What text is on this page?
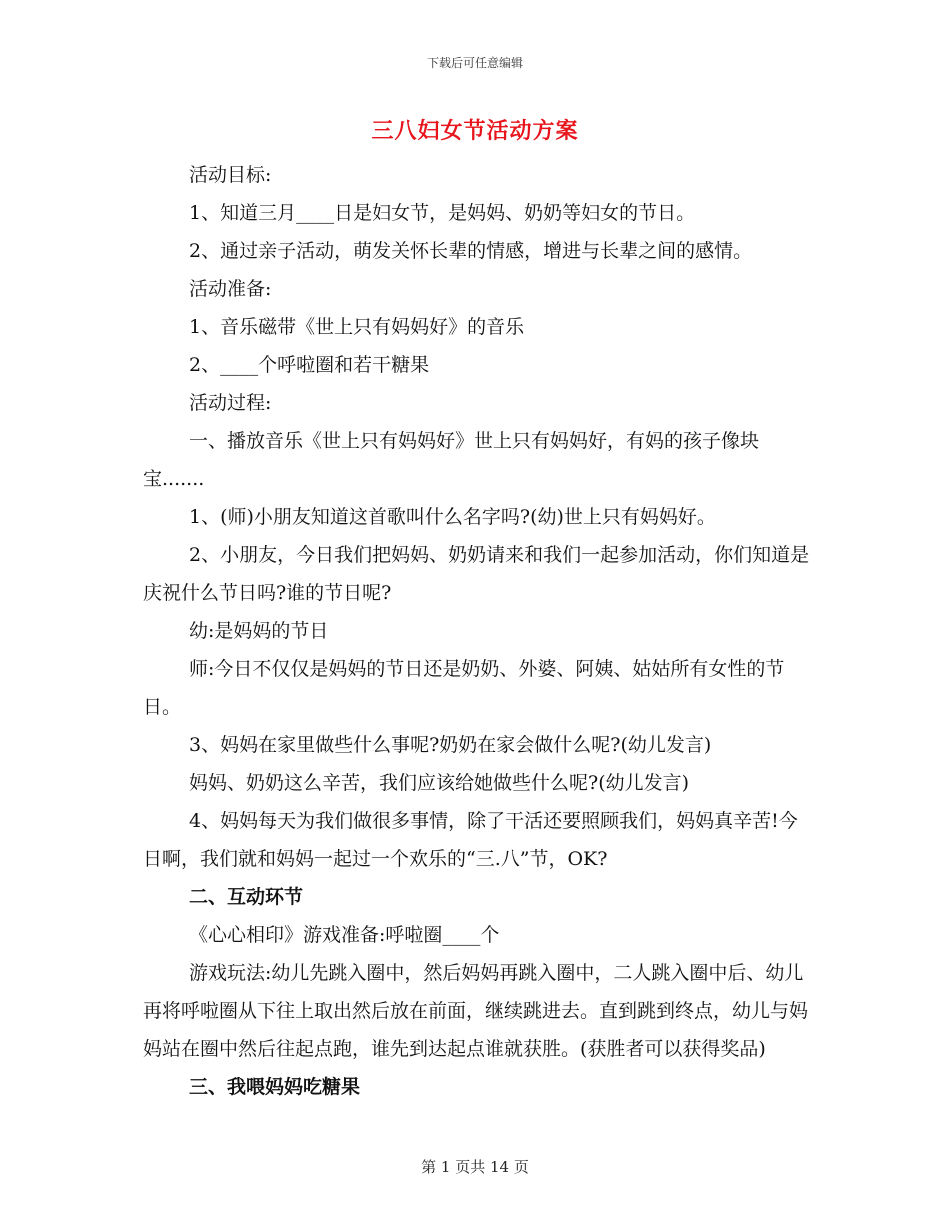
下载后可任意编辑
三八妇女节活动方案

活动目标:

1、知道三月____日是妇女节，是妈妈、奶奶等妇女的节日。

2、通过亲子活动，萌发关怀长辈的情感，增进与长辈之间的感情。

活动准备:

1、音乐磁带《世上只有妈妈好》的音乐

2、____个呼啦圈和若干糖果

活动过程:

一、播放音乐《世上只有妈妈好》世上只有妈妈好，有妈的孩子像块宝.......

1、(师)小朋友知道这首歌叫什么名字吗?(幼)世上只有妈妈好。

2、小朋友，今日我们把妈妈、奶奶请来和我们一起参加活动，你们知道是庆祝什么节日吗?谁的节日呢?

幼:是妈妈的节日

师:今日不仅仅是妈妈的节日还是奶奶、外婆、阿姨、姑姑所有女性的节日。

3、妈妈在家里做些什么事呢?奶奶在家会做什么呢?(幼儿发言)

妈妈、奶奶这么辛苦，我们应该给她做些什么呢?(幼儿发言)

4、妈妈每天为我们做很多事情，除了干活还要照顾我们，妈妈真辛苦!今日啊，我们就和妈妈一起过一个欢乐的“三.八”节，OK?

二、互动环节

《心心相印》游戏准备:呼啦圈____个

游戏玩法:幼儿先跳入圈中，然后妈妈再跳入圈中，二人跳入圈中后、幼儿再将呼啦圈从下往上取出然后放在前面，继续跳进去。直到跳到终点，幼儿与妈妈站在圈中然后往起点跑，谁先到达起点谁就获胜。(获胜者可以获得奖品)

三、我喂妈妈吃糖果

第 1 页共 14 页
